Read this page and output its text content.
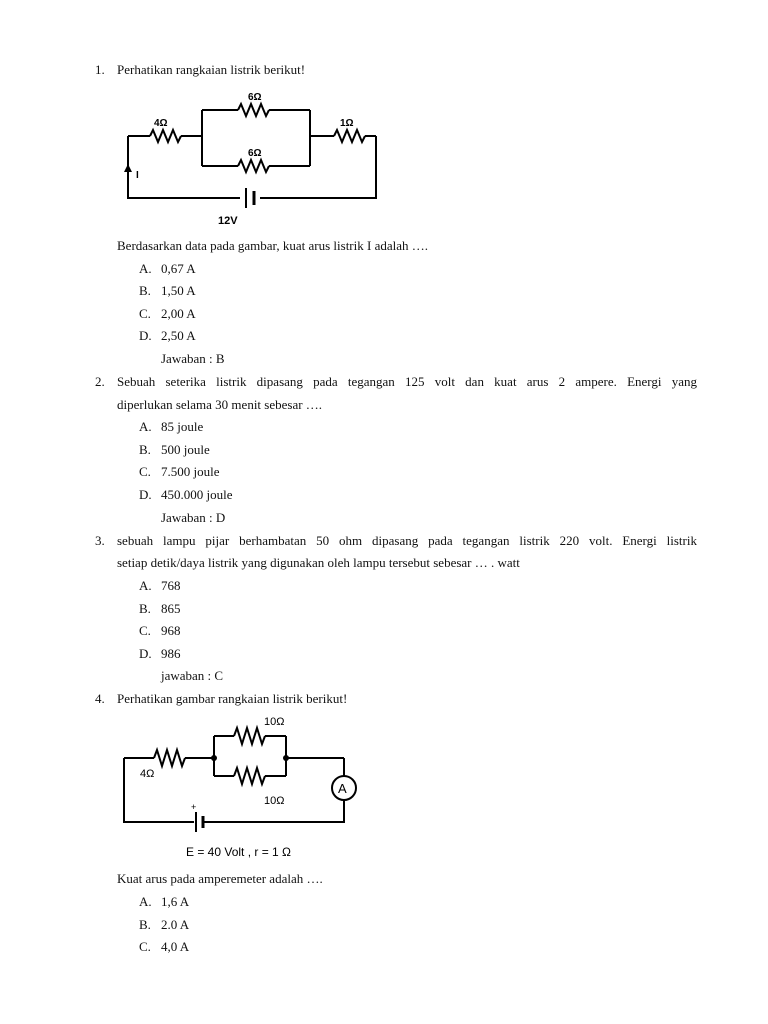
1. Perhatikan rangkaian listrik berikut!
6Ω
4Ω
6Ω
1Ω
I
12V
Berdasarkan data pada gambar, kuat arus listrik I adalah ….
A. 0,67 A
B. 1,50 A
C. 2,00 A
D. 2,50 A
Jawaban : B
2. Sebuah seterika listrik dipasang pada tegangan 125 volt dan kuat arus 2 ampere. Energi yang
diperlukan selama 30 menit sebesar ….
A. 85 joule
B. 500 joule
C. 7.500 joule
D. 450.000 joule
Jawaban : D
3. sebuah lampu pijar berhambatan 50 ohm dipasang pada tegangan listrik 220 volt. Energi listrik
setiap detik/daya listrik yang digunakan oleh lampu tersebut sebesar … . watt
A. 768
B. 865
C. 968
D. 986
jawaban : C
4. Perhatikan gambar rangkaian listrik berikut!
A
4Ω
10Ω
10Ω
+
E = 40 Volt , r = 1 Ω
Kuat arus pada amperemeter adalah ….
A. 1,6 A
B. 2.0 A
C. 4,0 A
